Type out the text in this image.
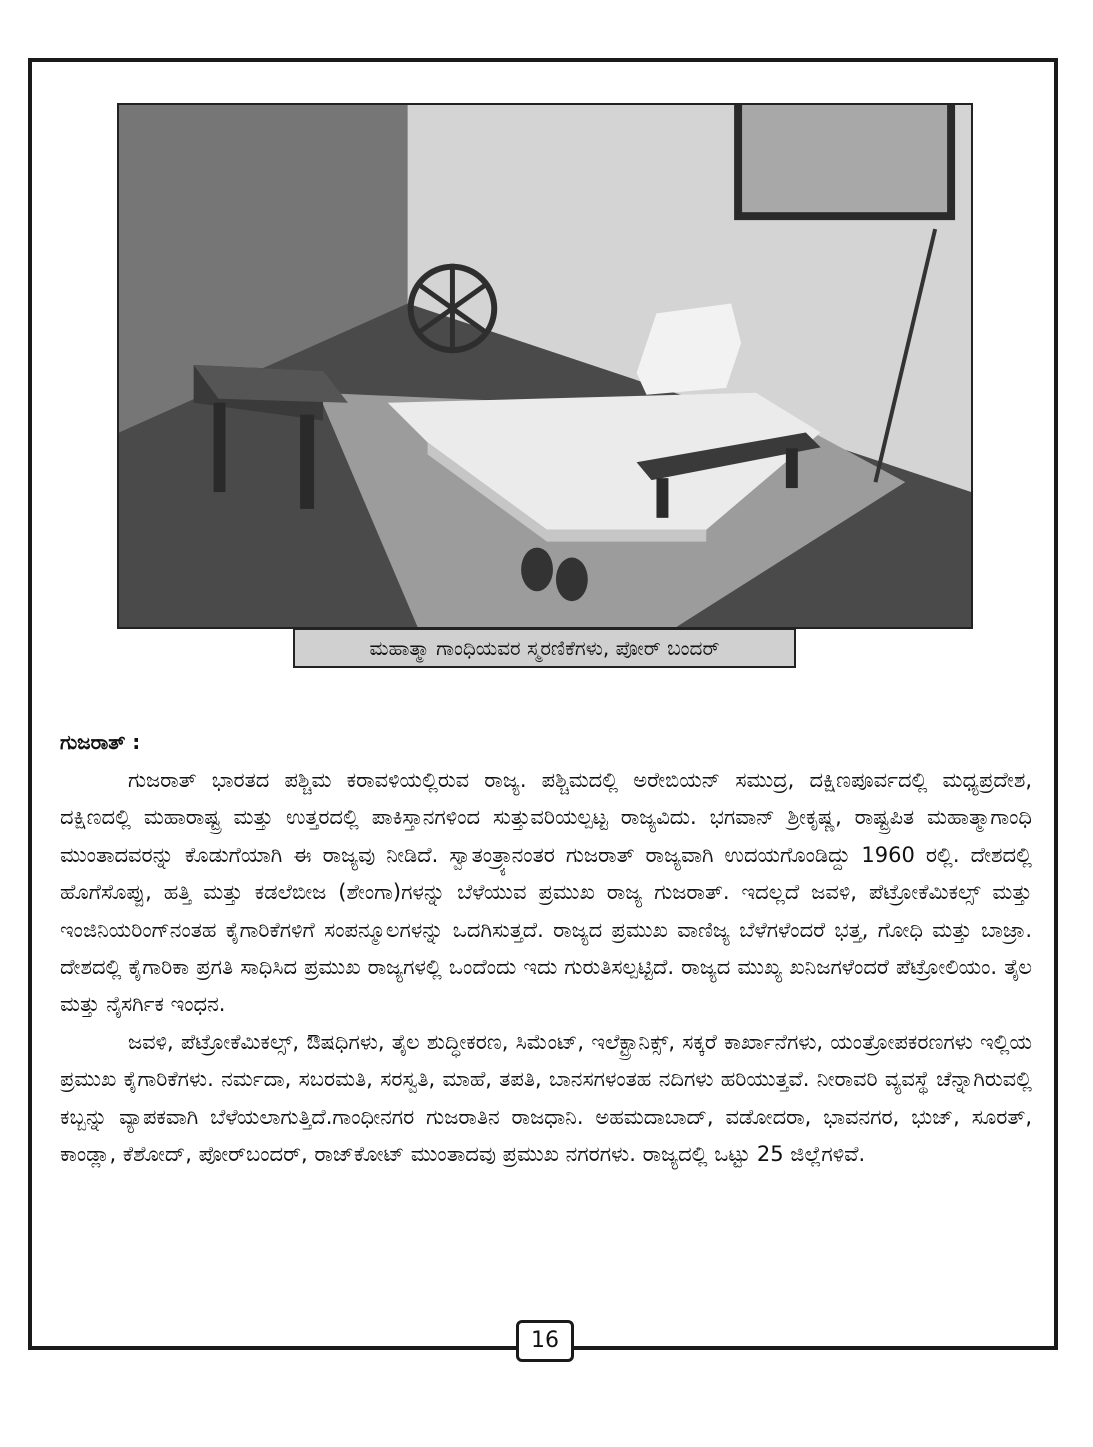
ಮಹಾತ್ಮಾ ಗಾಂಧಿಯವರ ಸ್ಮರಣಿಕೆಗಳು, ಪೋರ್ ಬಂದರ್
ಗುಜರಾತ್ :

ಗುಜರಾತ್ ಭಾರತದ ಪಶ್ಚಿಮ ಕರಾವಳಿಯಲ್ಲಿರುವ ರಾಜ್ಯ. ಪಶ್ಚಿಮದಲ್ಲಿ ಅರೇಬಿಯನ್ ಸಮುದ್ರ, ದಕ್ಷಿಣಪೂರ್ವದಲ್ಲಿ ಮಧ್ಯಪ್ರದೇಶ, ದಕ್ಷಿಣದಲ್ಲಿ ಮಹಾರಾಷ್ಟ್ರ ಮತ್ತು ಉತ್ತರದಲ್ಲಿ ಪಾಕಿಸ್ತಾನಗಳಿಂದ ಸುತ್ತುವರಿಯಲ್ಪಟ್ಟ ರಾಜ್ಯವಿದು. ಭಗವಾನ್ ಶ್ರೀಕೃಷ್ಣ, ರಾಷ್ಟ್ರಪಿತ ಮಹಾತ್ಮಾಗಾಂಧಿ ಮುಂತಾದವರನ್ನು ಕೊಡುಗೆಯಾಗಿ ಈ ರಾಜ್ಯವು ನೀಡಿದೆ. ಸ್ವಾತಂತ್ರ್ಯಾನಂತರ ಗುಜರಾತ್ ರಾಜ್ಯವಾಗಿ ಉದಯಗೊಂಡಿದ್ದು 1960 ರಲ್ಲಿ. ದೇಶದಲ್ಲಿ ಹೊಗೆಸೊಪ್ಪು, ಹತ್ತಿ ಮತ್ತು ಕಡಲೆಬೀಜ (ಶೇಂಗಾ)ಗಳನ್ನು ಬೆಳೆಯುವ ಪ್ರಮುಖ ರಾಜ್ಯ ಗುಜರಾತ್. ಇದಲ್ಲದೆ ಜವಳಿ, ಪೆಟ್ರೋಕೆಮಿಕಲ್ಸ್ ಮತ್ತು ಇಂಜಿನಿಯರಿಂಗ್‌ನಂತಹ ಕೈಗಾರಿಕೆಗಳಿಗೆ ಸಂಪನ್ಮೂಲಗಳನ್ನು ಒದಗಿಸುತ್ತದೆ. ರಾಜ್ಯದ ಪ್ರಮುಖ ವಾಣಿಜ್ಯ ಬೆಳೆಗಳೆಂದರೆ ಭತ್ತ, ಗೋಧಿ ಮತ್ತು ಬಾಜ್ರಾ. ದೇಶದಲ್ಲಿ ಕೈಗಾರಿಕಾ ಪ್ರಗತಿ ಸಾಧಿಸಿದ ಪ್ರಮುಖ ರಾಜ್ಯಗಳಲ್ಲಿ ಒಂದೆಂದು ಇದು ಗುರುತಿಸಲ್ಪಟ್ಟಿದೆ. ರಾಜ್ಯದ ಮುಖ್ಯ ಖನಿಜಗಳೆಂದರೆ ಪೆಟ್ರೋಲಿಯಂ. ತೈಲ ಮತ್ತು ನೈಸರ್ಗಿಕ ಇಂಧನ.

ಜವಳಿ, ಪೆಟ್ರೋಕೆಮಿಕಲ್ಸ್, ಔಷಧಿಗಳು, ತೈಲ ಶುದ್ಧೀಕರಣ, ಸಿಮೆಂಟ್, ಇಲೆಕ್ಟ್ರಾನಿಕ್ಸ್, ಸಕ್ಕರೆ ಕಾರ್ಖಾನೆಗಳು, ಯಂತ್ರೋಪಕರಣಗಳು ಇಲ್ಲಿಯ ಪ್ರಮುಖ ಕೈಗಾರಿಕೆಗಳು. ನರ್ಮದಾ, ಸಬರಮತಿ, ಸರಸ್ವತಿ, ಮಾಹೆ, ತಪತಿ, ಬಾನಸಗಳಂತಹ ನದಿಗಳು ಹರಿಯುತ್ತವೆ. ನೀರಾವರಿ ವ್ಯವಸ್ಥೆ ಚೆನ್ನಾಗಿರುವಲ್ಲಿ ಕಬ್ಬನ್ನು ವ್ಯಾಪಕವಾಗಿ ಬೆಳೆಯಲಾಗುತ್ತಿದೆ.ಗಾಂಧೀನಗರ ಗುಜರಾತಿನ ರಾಜಧಾನಿ. ಅಹಮದಾಬಾದ್, ವಡೋದರಾ, ಭಾವನಗರ, ಭುಜ್, ಸೂರತ್, ಕಾಂಡ್ಲಾ, ಕೆಶೋದ್, ಪೋರ್‌ಬಂದರ್, ರಾಜ್‌ಕೋಟ್ ಮುಂತಾದವು ಪ್ರಮುಖ ನಗರಗಳು. ರಾಜ್ಯದಲ್ಲಿ ಒಟ್ಟು 25 ಜಿಲ್ಲೆಗಳಿವೆ.

16
